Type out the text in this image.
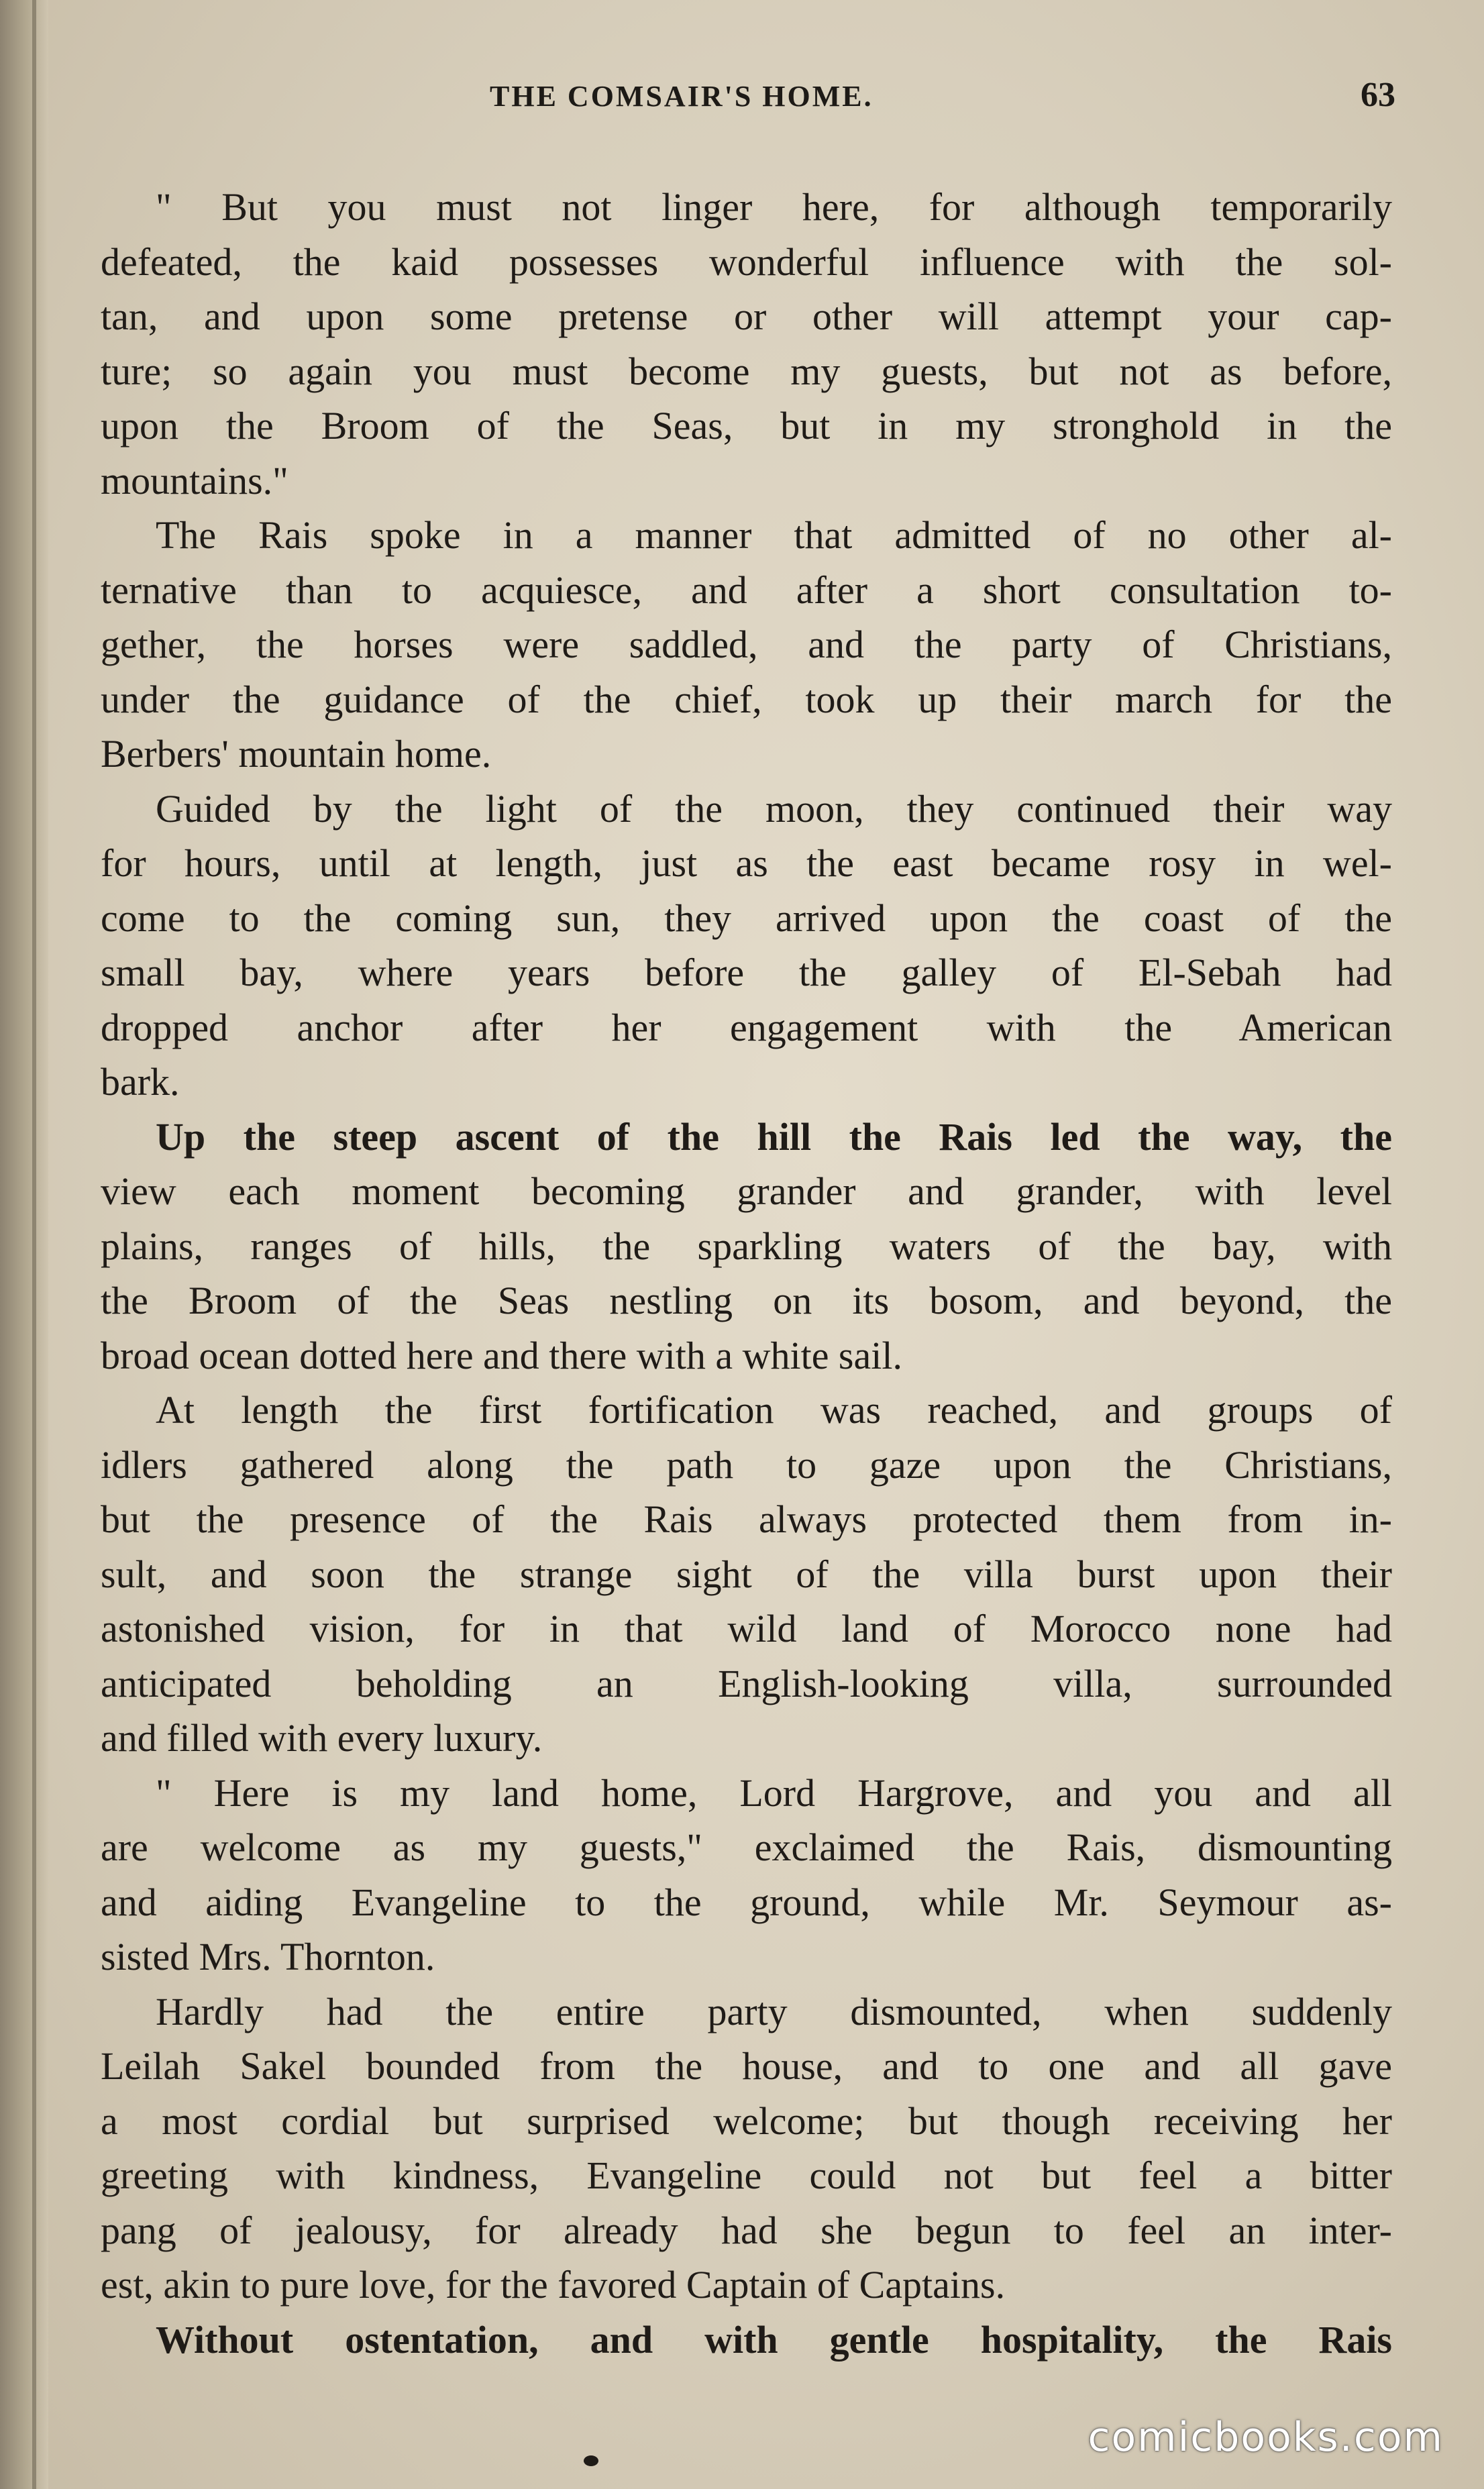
THE COMSAIR'S HOME.	63

" But you must not linger here, for although temporarily
defeated, the kaid possesses wonderful influence with the sol-
tan, and upon some pretense or other will attempt your cap-
ture; so again you must become my guests, but not as before,
upon the Broom of the Seas, but in my stronghold in the
mountains."

The Rais spoke in a manner that admitted of no other al-
ternative than to acquiesce, and after a short consultation to-
gether, the horses were saddled, and the party of Christians,
under the guidance of the chief, took up their march for the
Berbers' mountain home.

Guided by the light of the moon, they continued their way
for hours, until at length, just as the east became rosy in wel-
come to the coming sun, they arrived upon the coast of the
small bay, where years before the galley of El-Sebah had
dropped anchor after her engagement with the American
bark.

Up the steep ascent of the hill the Rais led the way, the
view each moment becoming grander and grander, with level
plains, ranges of hills, the sparkling waters of the bay, with
the Broom of the Seas nestling on its bosom, and beyond, the
broad ocean dotted here and there with a white sail.

At length the first fortification was reached, and groups of
idlers gathered along the path to gaze upon the Christians,
but the presence of the Rais always protected them from in-
sult, and soon the strange sight of the villa burst upon their
astonished vision, for in that wild land of Morocco none had
anticipated beholding an English-looking villa, surrounded
and filled with every luxury.

" Here is my land home, Lord Hargrove, and you and all
are welcome as my guests," exclaimed the Rais, dismounting
and aiding Evangeline to the ground, while Mr. Seymour as-
sisted Mrs. Thornton.

Hardly had the entire party dismounted, when suddenly
Leilah Sakel bounded from the house, and to one and all gave
a most cordial but surprised welcome; but though receiving her
greeting with kindness, Evangeline could not but feel a bitter
pang of jealousy, for already had she begun to feel an inter-
est, akin to pure love, for the favored Captain of Captains.

Without ostentation, and with gentle hospitality, the Rais

comicbooks.com
